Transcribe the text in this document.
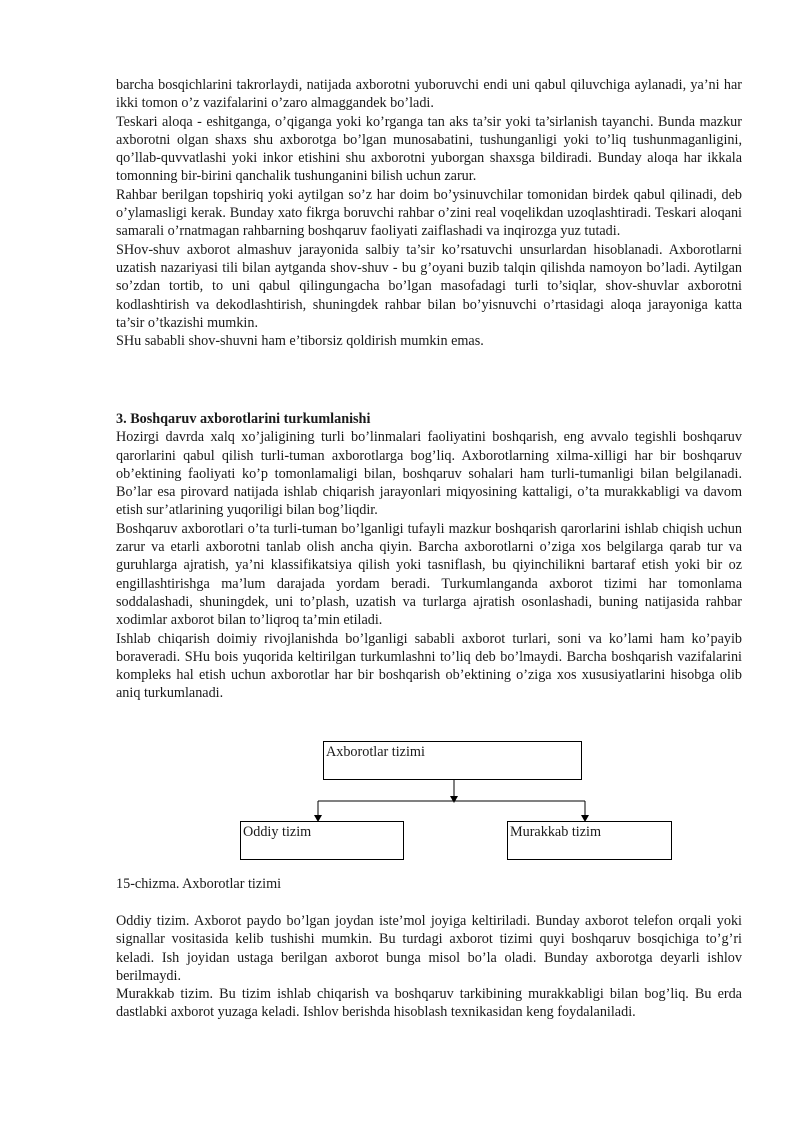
barcha bosqichlarini takrorlaydi, natijada axborotni yuboruvchi endi uni qabul qiluvchiga aylanadi, ya’ni har ikki tomon o’z vazifalarini o’zaro almaggandek bo’ladi.

Teskari aloqa - eshitganga, o’qiganga yoki ko’rganga tan aks ta’sir yoki ta’sirlanish tayanchi. Bunda mazkur axborotni olgan shaxs shu axborotga bo’lgan munosabatini, tushunganligi yoki to’liq tushunmaganligini, qo’llab-quvvatlashi yoki inkor etishini shu axborotni yuborgan shaxsga bildiradi. Bunday aloqa har ikkala tomonning bir-birini qanchalik tushunganini bilish uchun zarur.

Rahbar berilgan topshiriq yoki aytilgan so’z har doim bo’ysinuvchilar tomonidan birdek qabul qilinadi, deb o’ylamasligi kerak. Bunday xato fikrga boruvchi rahbar o’zini real voqelikdan uzoqlashtiradi. Teskari aloqani samarali o’rnatmagan rahbarning boshqaruv faoliyati zaiflashadi va inqirozga yuz tutadi.

SHov-shuv axborot almashuv jarayonida salbiy ta’sir ko’rsatuvchi unsurlardan hisoblanadi. Axborotlarni uzatish nazariyasi tili bilan aytganda shov-shuv - bu g’oyani buzib talqin qilishda namoyon bo’ladi. Aytilgan so’zdan tortib, to uni qabul qilingungacha bo’lgan masofadagi turli to’siqlar, shov-shuvlar axborotni kodlashtirish va dekodlashtirish, shuningdek rahbar bilan bo’yisnuvchi o’rtasidagi aloqa jarayoniga katta ta’sir o’tkazishi mumkin.

SHu sababli shov-shuvni ham e’tiborsiz qoldirish mumkin emas.

3. Boshqaruv axborotlarini turkumlanishi

Hozirgi davrda xalq xo’jaligining turli bo’linmalari faoliyatini boshqarish, eng avvalo tegishli boshqaruv qarorlarini qabul qilish turli-tuman axborotlarga bog’liq. Axborotlarning xilma-xilligi har bir boshqaruv ob’ektining faoliyati ko’p tomonlamaligi bilan, boshqaruv sohalari ham turli-tumanligi bilan belgilanadi. Bo’lar esa pirovard natijada ishlab chiqarish jarayonlari miqyosining kattaligi, o’ta murakkabligi va davom etish sur’atlarining yuqoriligi bilan bog’liqdir.

Boshqaruv axborotlari o’ta turli-tuman bo’lganligi tufayli mazkur boshqarish qarorlarini ishlab chiqish uchun zarur va etarli axborotni tanlab olish ancha qiyin. Barcha axborotlarni o’ziga xos belgilarga qarab tur va guruhlarga ajratish, ya’ni klassifikatsiya qilish yoki tasniflash, bu qiyinchilikni bartaraf etish yoki bir oz engillashtirishga ma’lum darajada yordam beradi. Turkumlanganda axborot tizimi har tomonlama soddalashadi, shuningdek, uni to’plash, uzatish va turlarga ajratish osonlashadi, buning natijasida rahbar xodimlar axborot bilan to’liqroq ta’min etiladi.

Ishlab chiqarish doimiy rivojlanishda bo’lganligi sababli axborot turlari, soni va ko’lami ham ko’payib boraveradi. SHu bois yuqorida keltirilgan turkumlashni to’liq deb bo’lmaydi. Barcha boshqarish vazifalarini kompleks hal etish uchun axborotlar har bir boshqarish ob’ektining o’ziga xos xususiyatlarini hisobga olib aniq turkumlanadi.

Axborotlar tizimi
Oddiy tizim	Murakkab tizim

15-chizma. Axborotlar tizimi

Oddiy tizim. Axborot paydo bo’lgan joydan iste’mol joyiga keltiriladi. Bunday axborot telefon orqali yoki signallar vositasida kelib tushishi mumkin. Bu turdagi axborot tizimi quyi boshqaruv bosqichiga to’g’ri keladi. Ish joyidan ustaga berilgan axborot bunga misol bo’la oladi. Bunday axborotga deyarli ishlov berilmaydi.

Murakkab tizim. Bu tizim ishlab chiqarish va boshqaruv tarkibining murakkabligi bilan bog’liq. Bu erda dastlabki axborot yuzaga keladi. Ishlov berishda hisoblash texnikasidan keng foydalaniladi.
